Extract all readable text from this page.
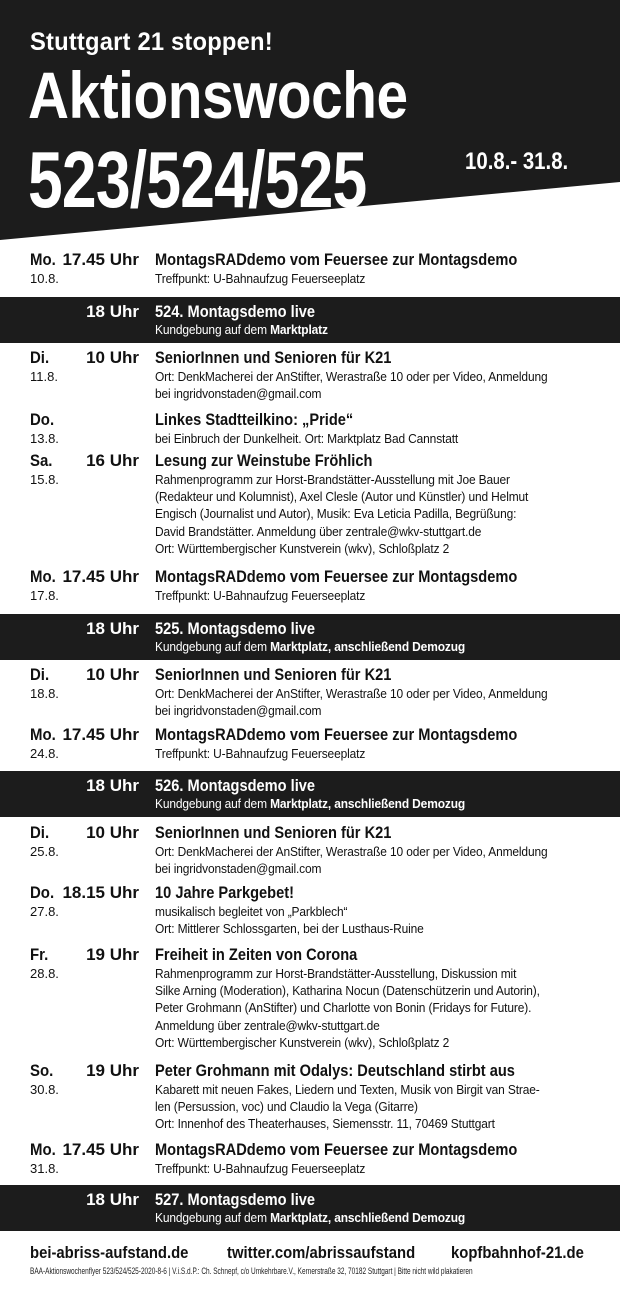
Stuttgart 21 stoppen!
Aktionswoche
523/524/525	10.8.- 31.8.
Mo. 17.45 Uhr
10.8.
MontagsRADdemo vom Feuersee zur Montagsdemo

Treffpunkt: U-Bahnaufzug Feuerseeplatz

18 Uhr 524. Montagsdemo live

Kundgebung auf dem Marktplatz

Di.	10 Uhr
11.8.
SeniorInnen und Senioren für K21

Ort: DenkMacherei der AnStifter, Werastraße 10 oder per Video, Anmeldung

bei ingridvonstaden@gmail.com

Do.
13.8.
Linkes Stadtteilkino: „Pride“

bei Einbruch der Dunkelheit. Ort: Marktplatz Bad Cannstatt

Sa.	16 Uhr
15.8.
Lesung zur Weinstube Fröhlich

Rahmenprogramm zur Horst-Brandstätter-Ausstellung mit Joe Bauer

(Redakteur und Kolumnist), Axel Clesle (Autor und Künstler) und Helmut

Engisch (Journalist und Autor), Musik: Eva Leticia Padilla, Begrüßung:

David Brandstätter. Anmeldung über zentrale@wkv-stuttgart.de

Ort: Württembergischer Kunstverein (wkv), Schloßplatz 2

Mo. 17.45 Uhr
17.8.
MontagsRADdemo vom Feuersee zur Montagsdemo

Treffpunkt: U-Bahnaufzug Feuerseeplatz

18 Uhr 525. Montagsdemo live

Kundgebung auf dem Marktplatz, anschließend Demozug

Di.	10 Uhr
18.8.
SeniorInnen und Senioren für K21

Ort: DenkMacherei der AnStifter, Werastraße 10 oder per Video, Anmeldung

bei ingridvonstaden@gmail.com

Mo. 17.45 Uhr
24.8.
MontagsRADdemo vom Feuersee zur Montagsdemo

Treffpunkt: U-Bahnaufzug Feuerseeplatz

18 Uhr 526. Montagsdemo live

Kundgebung auf dem Marktplatz, anschließend Demozug

Di.	10 Uhr
25.8.
SeniorInnen und Senioren für K21

Ort: DenkMacherei der AnStifter, Werastraße 10 oder per Video, Anmeldung

bei ingridvonstaden@gmail.com

Do. 18.15 Uhr
27.8.
10 Jahre Parkgebet!

musikalisch begleitet von „Parkblech“

Ort: Mittlerer Schlossgarten, bei der Lusthaus-Ruine

Fr.	19 Uhr
28.8.
Freiheit in Zeiten von Corona

Rahmenprogramm zur Horst-Brandstätter-Ausstellung, Diskussion mit

Silke Arning (Moderation), Katharina Nocun (Datenschützerin und Autorin),

Peter Grohmann (AnStifter) und Charlotte von Bonin (Fridays for Future).

Anmeldung über zentrale@wkv-stuttgart.de

Ort: Württembergischer Kunstverein (wkv), Schloßplatz 2

So.	19 Uhr
30.8.
Peter Grohmann mit Odalys: Deutschland stirbt aus

Kabarett mit neuen Fakes, Liedern und Texten, Musik von Birgit van Strae-

len (Persussion, voc) und Claudio la Vega (Gitarre)

Ort: Innenhof des Theaterhauses, Siemensstr. 11, 70469 Stuttgart

Mo. 17.45 Uhr
31.8.
MontagsRADdemo vom Feuersee zur Montagsdemo

Treffpunkt: U-Bahnaufzug Feuerseeplatz

18 Uhr 527. Montagsdemo live

Kundgebung auf dem Marktplatz, anschließend Demozug

bei-abriss-aufstand.de twitter.com/abrissaufstand kopfbahnhof-21.de
BAA-Aktionswochenflyer 523/524/525-2020-8-6 | V.i.S.d.P.: Ch. Schnepf, c/o Umkehrbare.V., Kernerstraße 32, 70182 Stuttgart | Bitte nicht wild plakatieren
